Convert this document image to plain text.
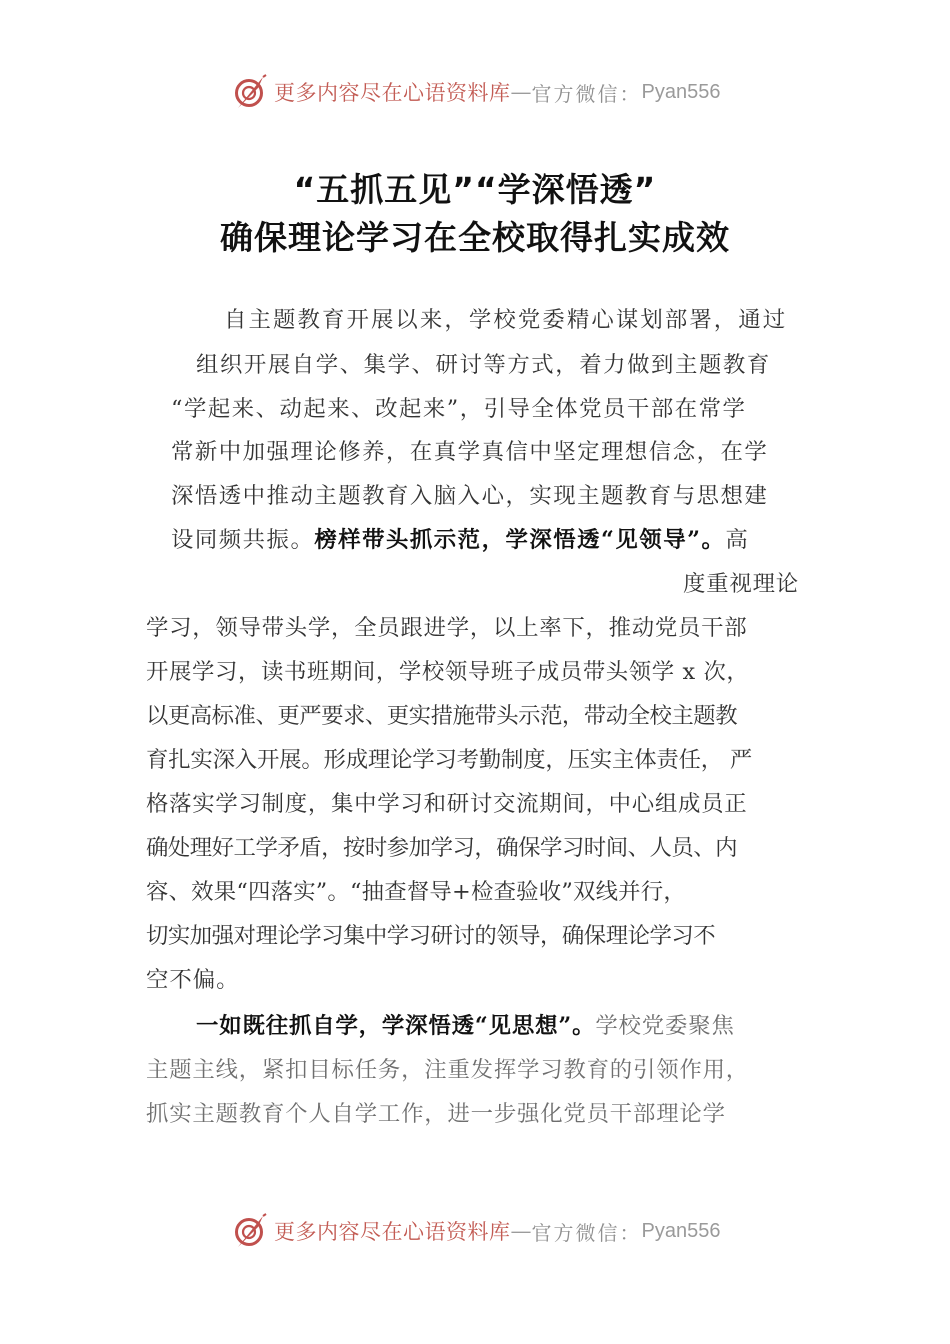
更多内容尽在心语资料库 — 官方微信： Pyan556
“五抓五见”“学深悟透”
确保理论学习在全校取得扎实成效
自主题教育开展以来，学校党委精心谋划部署，通过
组织开展自学、集学、研讨等方式，着力做到主题教育
“学起来、动起来、改起来”，引导全体党员干部在常学
常新中加强理论修养，在真学真信中坚定理想信念，在学
深悟透中推动主题教育入脑入心，实现主题教育与思想建
设同频共振。榜样带头抓示范，学深悟透“见领导”。高
度重视理论
学习，领导带头学，全员跟进学，以上率下，推动党员干部
开展学习，读书班期间，学校领导班子成员带头领学 x 次，
以更高标准、更严要求、更实措施带头示范，带动全校主题教
育扎实深入开展。形成理论学习考勤制度，压实主体责任， 严
格落实学习制度，集中学习和研讨交流期间，中心组成员正
确处理好工学矛盾，按时参加学习，确保学习时间、人员、内
容、效果“四落实”。“抽查督导+检查验收”双线并行，
切实加强对理论学习集中学习研讨的领导，确保理论学习不
空不偏。
一如既往抓自学，学深悟透“见思想”。学校党委聚焦
主题主线，紧扣目标任务，注重发挥学习教育的引领作用，
抓实主题教育个人自学工作，进一步强化党员干部理论学
更多内容尽在心语资料库 — 官方微信： Pyan556
